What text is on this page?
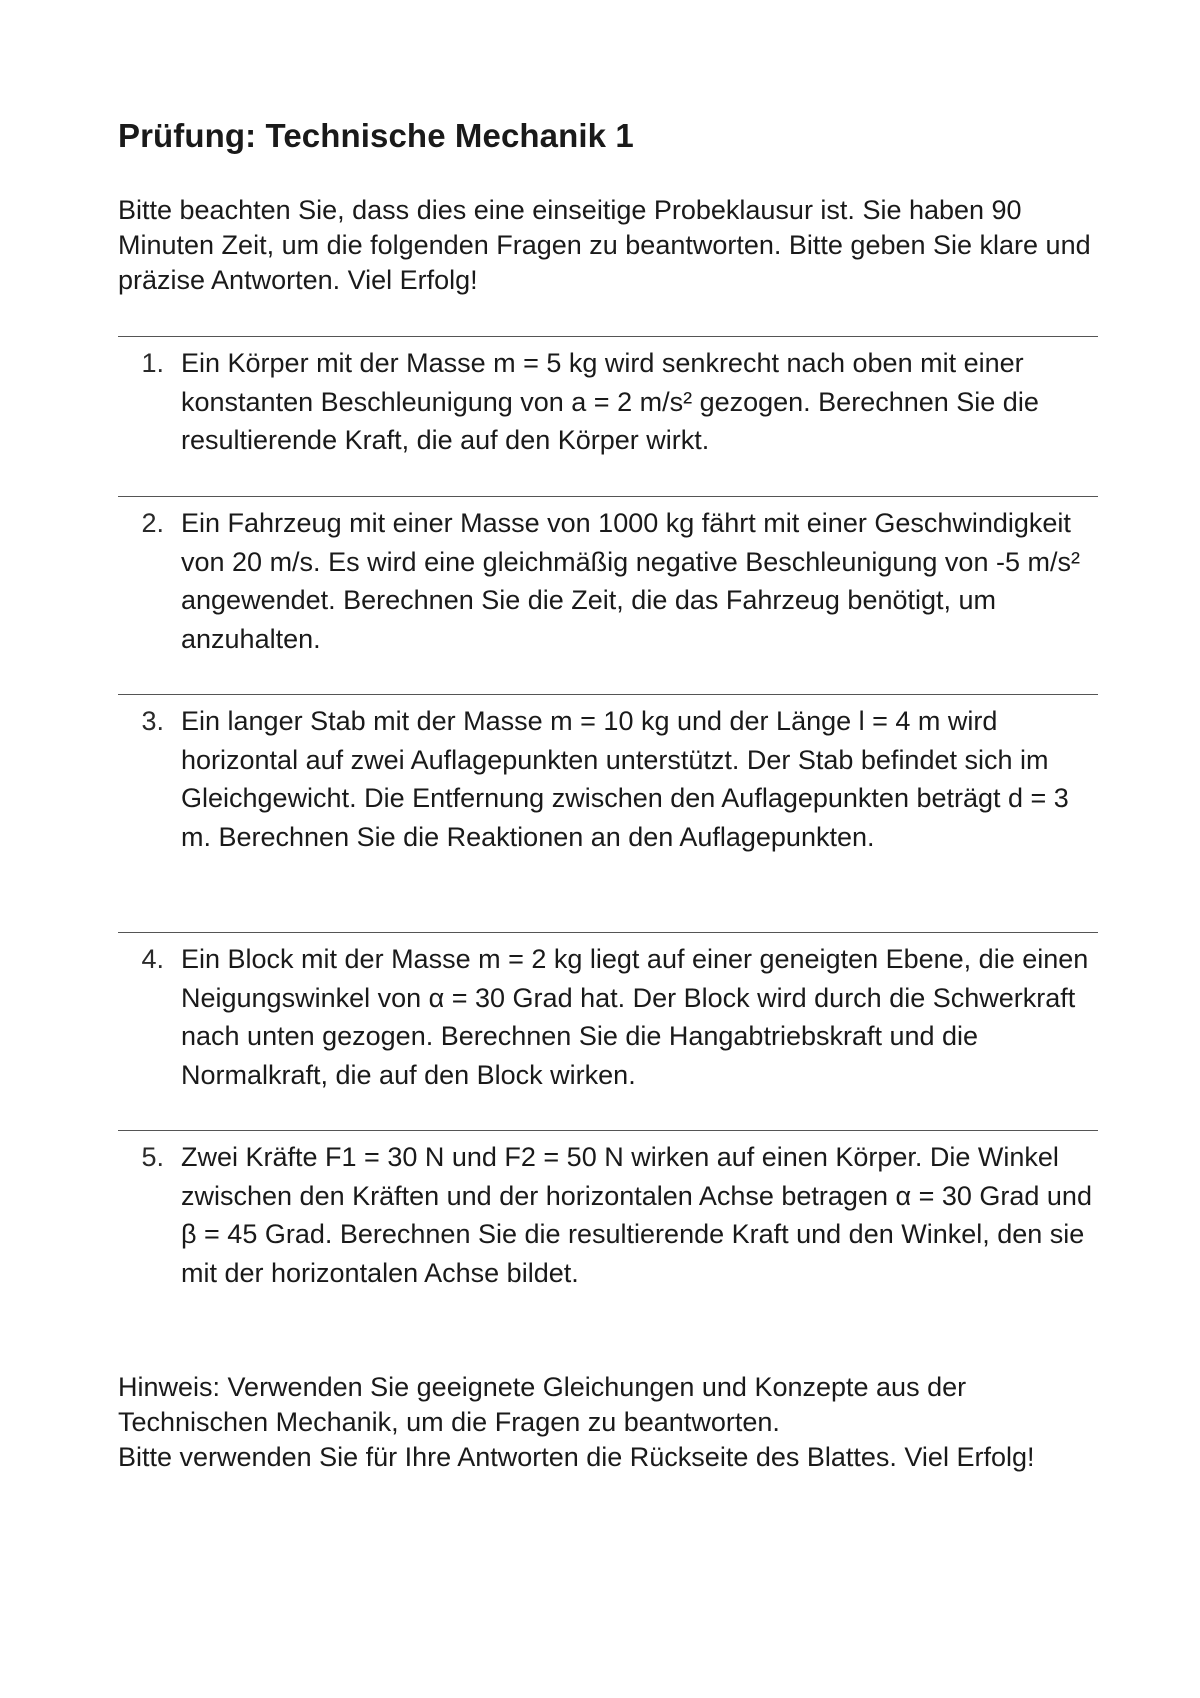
Prüfung: Technische Mechanik 1

Bitte beachten Sie, dass dies eine einseitige Probeklausur ist. Sie haben 90 Minuten Zeit, um die folgenden Fragen zu beantworten. Bitte geben Sie klare und präzise Antworten. Viel Erfolg!

1. Ein Körper mit der Masse m = 5 kg wird senkrecht nach oben mit einer konstanten Beschleunigung von a = 2 m/s² gezogen. Berechnen Sie die resultierende Kraft, die auf den Körper wirkt.
2. Ein Fahrzeug mit einer Masse von 1000 kg fährt mit einer Geschwindigkeit von 20 m/s. Es wird eine gleichmäßig negative Beschleunigung von -5 m/s² angewendet. Berechnen Sie die Zeit, die das Fahrzeug benötigt, um anzuhalten.
3. Ein langer Stab mit der Masse m = 10 kg und der Länge l = 4 m wird horizontal auf zwei Auflagepunkten unterstützt. Der Stab befindet sich im Gleichgewicht. Die Entfernung zwischen den Auflagepunkten beträgt d = 3 m. Berechnen Sie die Reaktionen an den Auflagepunkten.
4. Ein Block mit der Masse m = 2 kg liegt auf einer geneigten Ebene, die einen Neigungswinkel von α = 30 Grad hat. Der Block wird durch die Schwerkraft nach unten gezogen. Berechnen Sie die Hangabtriebskraft und die Normalkraft, die auf den Block wirken.
5. Zwei Kräfte F1 = 30 N und F2 = 50 N wirken auf einen Körper. Die Winkel zwischen den Kräften und der horizontalen Achse betragen α = 30 Grad und β = 45 Grad. Berechnen Sie die resultierende Kraft und den Winkel, den sie mit der horizontalen Achse bildet.

Hinweis: Verwenden Sie geeignete Gleichungen und Konzepte aus der Technischen Mechanik, um die Fragen zu beantworten.
Bitte verwenden Sie für Ihre Antworten die Rückseite des Blattes. Viel Erfolg!
